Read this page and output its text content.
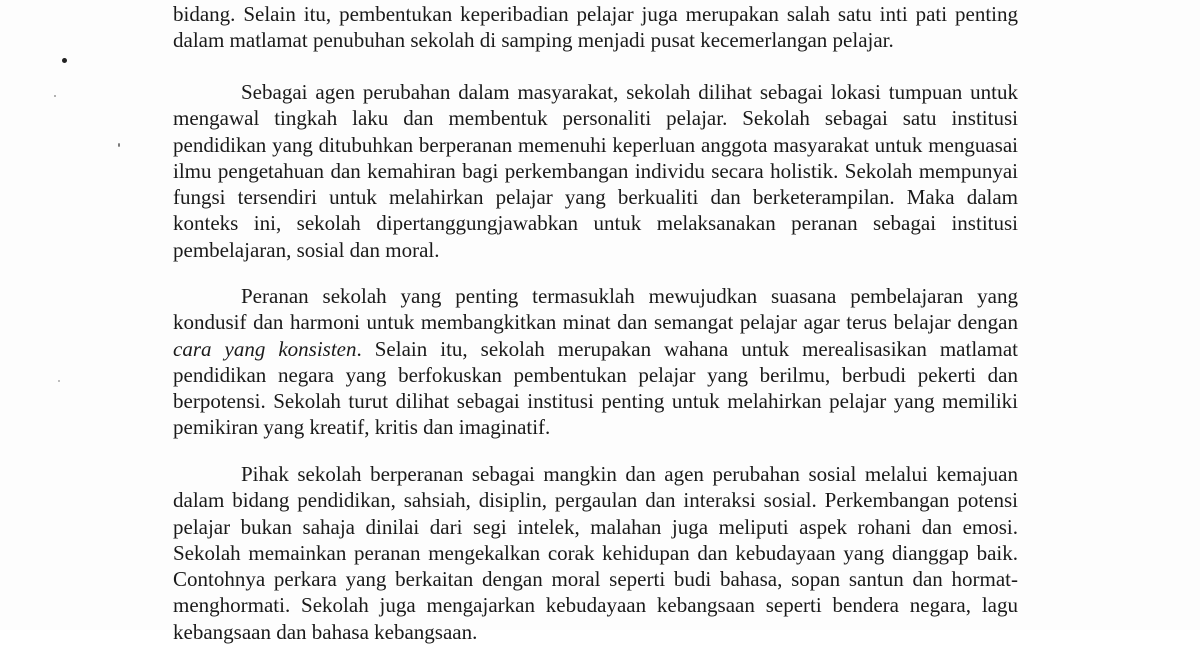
bidang. Selain itu, pembentukan keperibadian pelajar juga merupakan salah satu inti pati penting dalam matlamat penubuhan sekolah di samping menjadi pusat kecemerlangan pelajar.

Sebagai agen perubahan dalam masyarakat, sekolah dilihat sebagai lokasi tumpuan untuk mengawal tingkah laku dan membentuk personaliti pelajar. Sekolah sebagai satu institusi pendidikan yang ditubuhkan berperanan memenuhi keperluan anggota masyarakat untuk menguasai ilmu pengetahuan dan kemahiran bagi perkembangan individu secara holistik. Sekolah mempunyai fungsi tersendiri untuk melahirkan pelajar yang berkualiti dan berketerampilan. Maka dalam konteks ini, sekolah dipertanggungjawabkan untuk melaksanakan peranan sebagai institusi pembelajaran, sosial dan moral.

Peranan sekolah yang penting termasuklah mewujudkan suasana pembelajaran yang kondusif dan harmoni untuk membangkitkan minat dan semangat pelajar agar terus belajar dengan cara yang konsisten. Selain itu, sekolah merupakan wahana untuk merealisasikan matlamat pendidikan negara yang berfokuskan pembentukan pelajar yang berilmu, berbudi pekerti dan berpotensi. Sekolah turut dilihat sebagai institusi penting untuk melahirkan pelajar yang memiliki pemikiran yang kreatif, kritis dan imaginatif.

Pihak sekolah berperanan sebagai mangkin dan agen perubahan sosial melalui kemajuan dalam bidang pendidikan, sahsiah, disiplin, pergaulan dan interaksi sosial. Perkembangan potensi pelajar bukan sahaja dinilai dari segi intelek, malahan juga meliputi aspek rohani dan emosi. Sekolah memainkan peranan mengekalkan corak kehidupan dan kebudayaan yang dianggap baik. Contohnya perkara yang berkaitan dengan moral seperti budi bahasa, sopan santun dan hormat-menghormati. Sekolah juga mengajarkan kebudayaan kebangsaan seperti bendera negara, lagu kebangsaan dan bahasa kebangsaan.
